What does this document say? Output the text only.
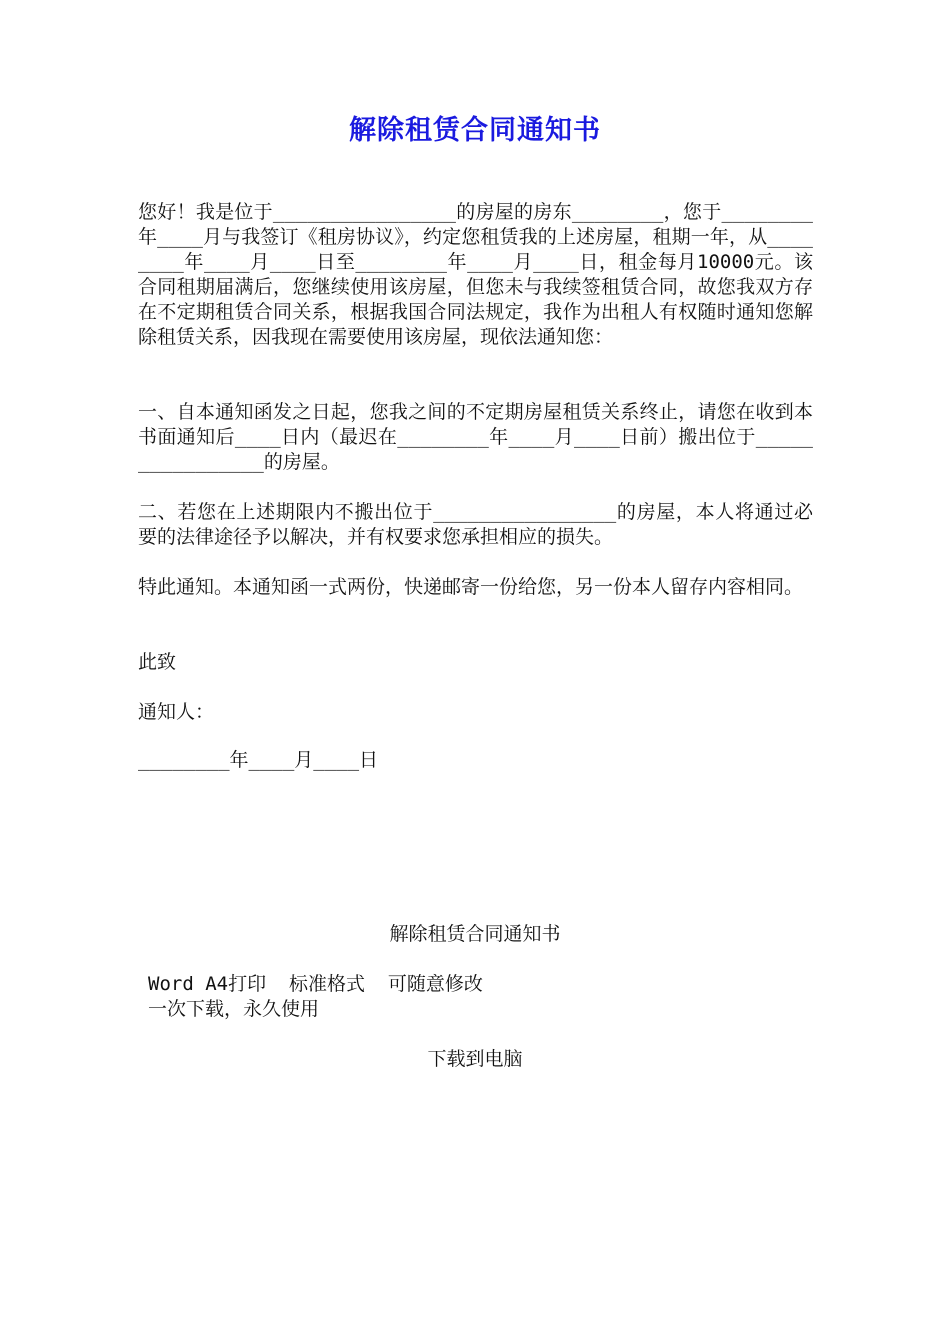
解除租赁合同通知书

您好！我是位于________________的房屋的房东________，您于________年____月与我签订《租房协议》，约定您租赁我的上述房屋，租期一年，从________年____月____日至________年____月____日，租金每月10000元。该合同租期届满后，您继续使用该房屋，但您未与我续签租赁合同，故您我双方存在不定期租赁合同关系，根据我国合同法规定，我作为出租人有权随时通知您解除租赁关系，因我现在需要使用该房屋，现依法通知您：

一、自本通知函发之日起，您我之间的不定期房屋租赁关系终止，请您在收到本书面通知后____日内（最迟在________年____月____日前）搬出位于________________的房屋。

二、若您在上述期限内不搬出位于________________的房屋，本人将通过必要的法律途径予以解决，并有权要求您承担相应的损失。

特此通知。本通知函一式两份，快递邮寄一份给您，另一份本人留存内容相同。

此致

通知人：

________年____月____日

解除租赁合同通知书
Word A4打印  标准格式  可随意修改
一次下载，永久使用
下载到电脑
